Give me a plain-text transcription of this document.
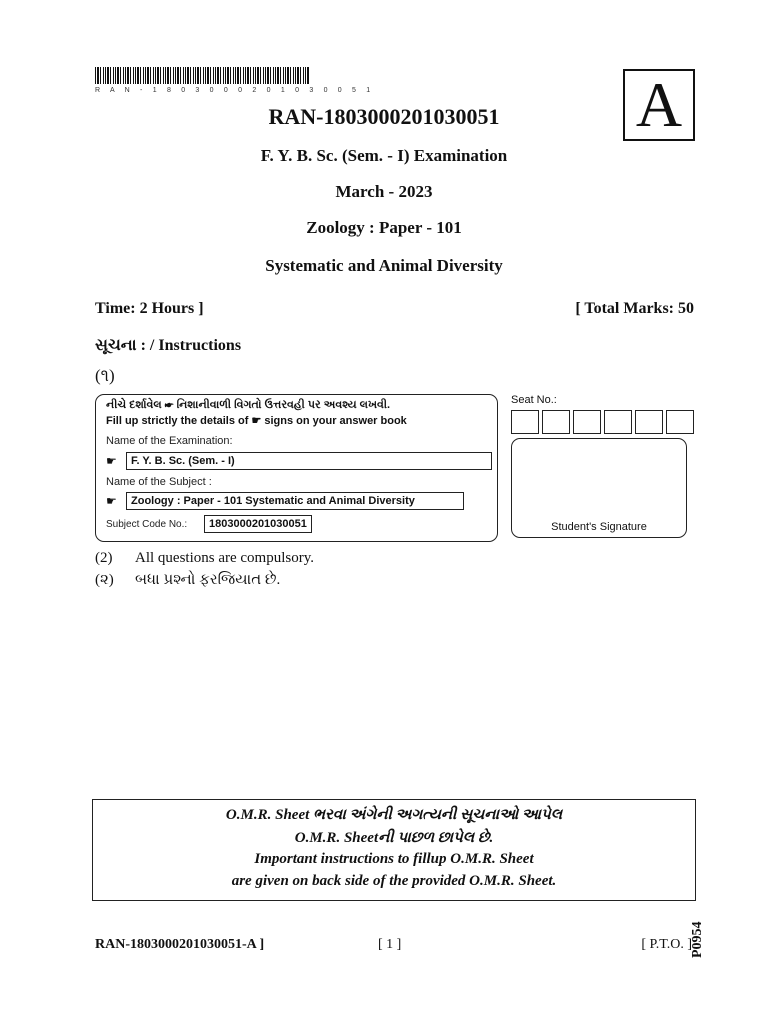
R A N - 1 8 0 3 0 0 0 2 0 1 0 3 0 0 5 1	A
RAN-1803000201030051
F. Y. B. Sc. (Sem. - I) Examination
March - 2023
Zoology : Paper - 101
Systematic and Animal Diversity
Time: 2 Hours ]	[ Total Marks: 50
સૂચના : / Instructions
(૧)
નીચે દર્શાવેલ ☛ નિશાનીવાળી વિગતો ઉત્તરવહી પર અવશ્ય લખવી.
Fill up strictly the details of ☛ signs on your answer book
Name of the Examination:
☛	F. Y. B. Sc. (Sem. - I)
Name of the Subject :
☛	Zoology : Paper - 101 Systematic and Animal Diversity
Subject Code No.:	1803000201030051
Seat No.:
Student's Signature
(2) All questions are compulsory.
(૨) બધા પ્રશ્નો ફરજિયાત છે.
O.M.R. Sheet ભરવા અંગેની અગત્યની સૂચનાઓ આપેલ
O.M.R. Sheetની પાછળ છાપેલ છે.
Important instructions to fillup O.M.R. Sheet
are given on back side of the provided O.M.R. Sheet.
RAN-1803000201030051-A ]	[ 1 ]	[ P.T.O. ]
P0954
